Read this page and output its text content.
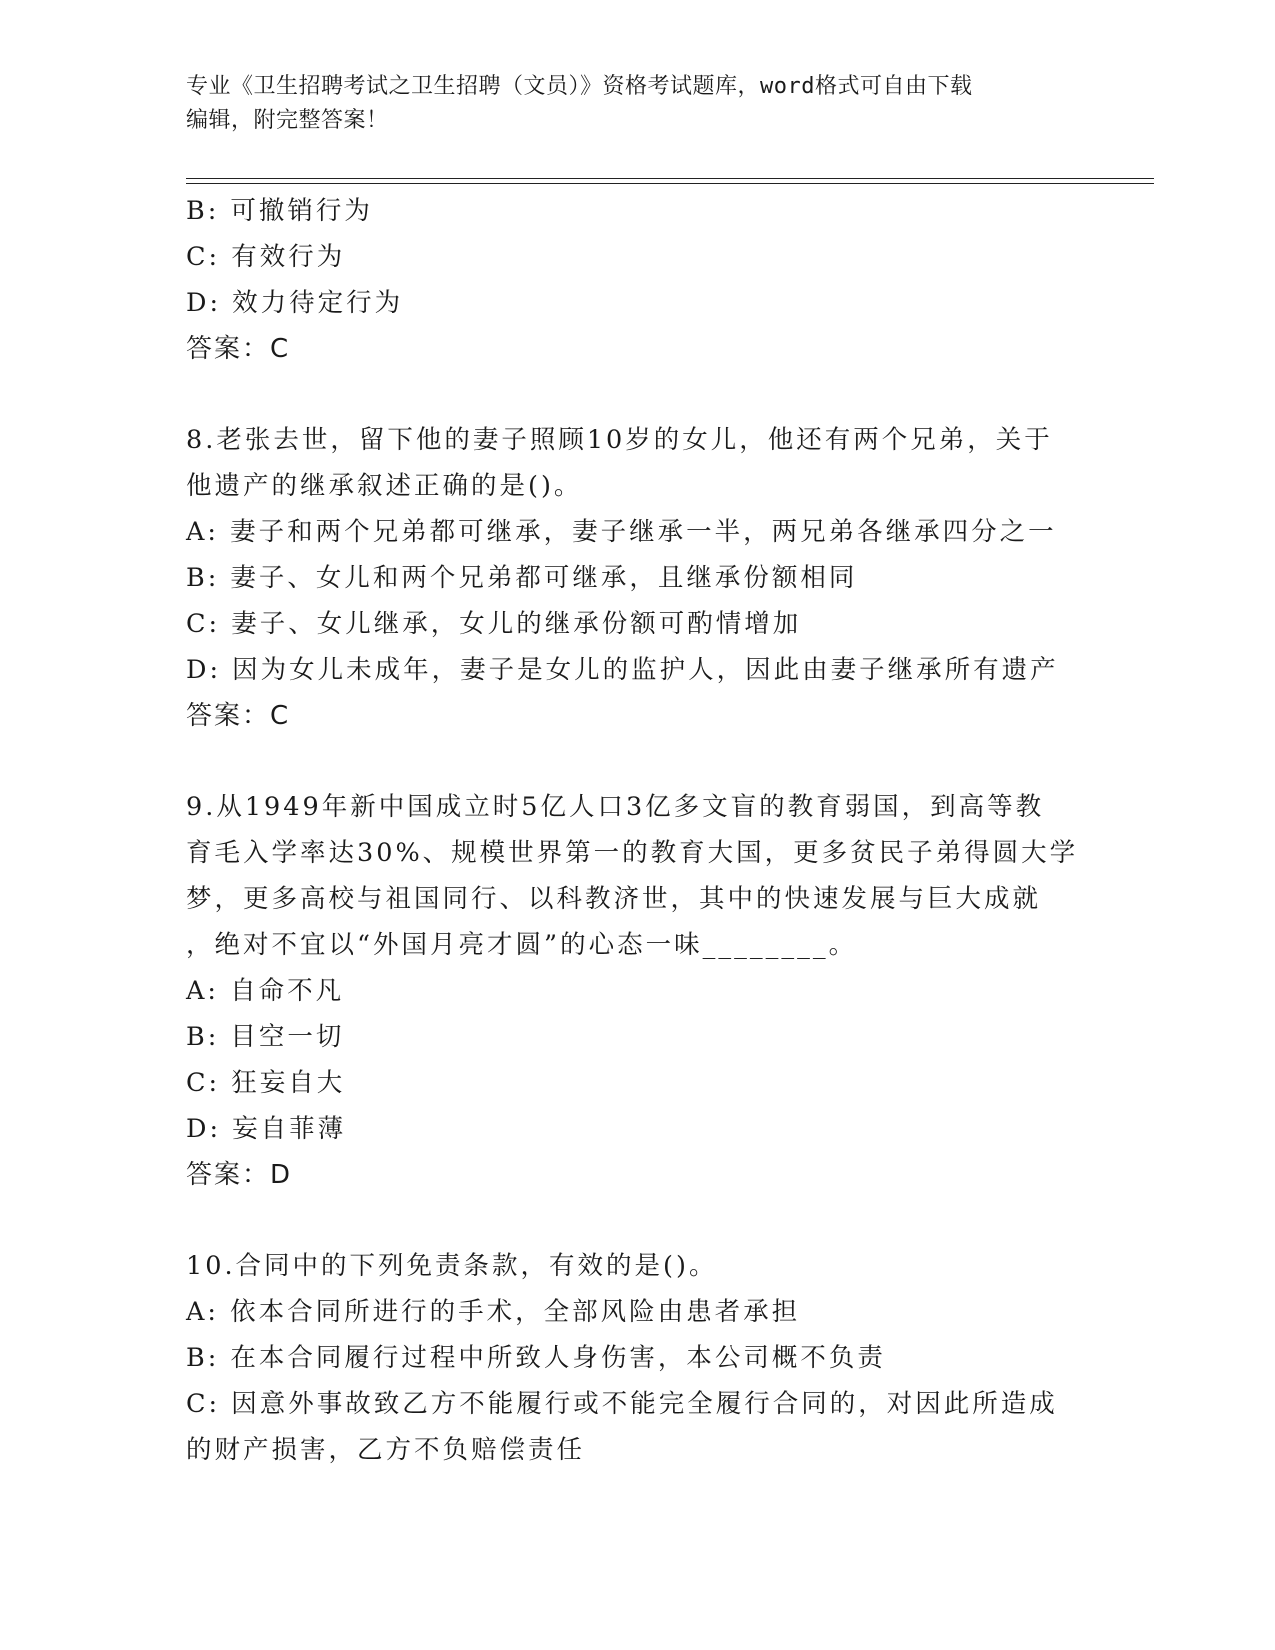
专业《卫生招聘考试之卫生招聘（文员）》资格考试题库，word格式可自由下载
编辑，附完整答案！
B: 可撤销行为
C: 有效行为
D: 效力待定行为
答案：C
8.老张去世，留下他的妻子照顾10岁的女儿，他还有两个兄弟，关于
他遗产的继承叙述正确的是()。
A: 妻子和两个兄弟都可继承，妻子继承一半，两兄弟各继承四分之一
B: 妻子、女儿和两个兄弟都可继承，且继承份额相同
C: 妻子、女儿继承，女儿的继承份额可酌情增加
D: 因为女儿未成年，妻子是女儿的监护人，因此由妻子继承所有遗产
答案：C
9.从1949年新中国成立时5亿人口3亿多文盲的教育弱国，到高等教
育毛入学率达30%、规模世界第一的教育大国，更多贫民子弟得圆大学
梦，更多高校与祖国同行、以科教济世，其中的快速发展与巨大成就
，绝对不宜以“外国月亮才圆”的心态一味________。
A: 自命不凡
B: 目空一切
C: 狂妄自大
D: 妄自菲薄
答案：D
10.合同中的下列免责条款，有效的是()。
A: 依本合同所进行的手术，全部风险由患者承担
B: 在本合同履行过程中所致人身伤害，本公司概不负责
C: 因意外事故致乙方不能履行或不能完全履行合同的，对因此所造成
的财产损害，乙方不负赔偿责任
